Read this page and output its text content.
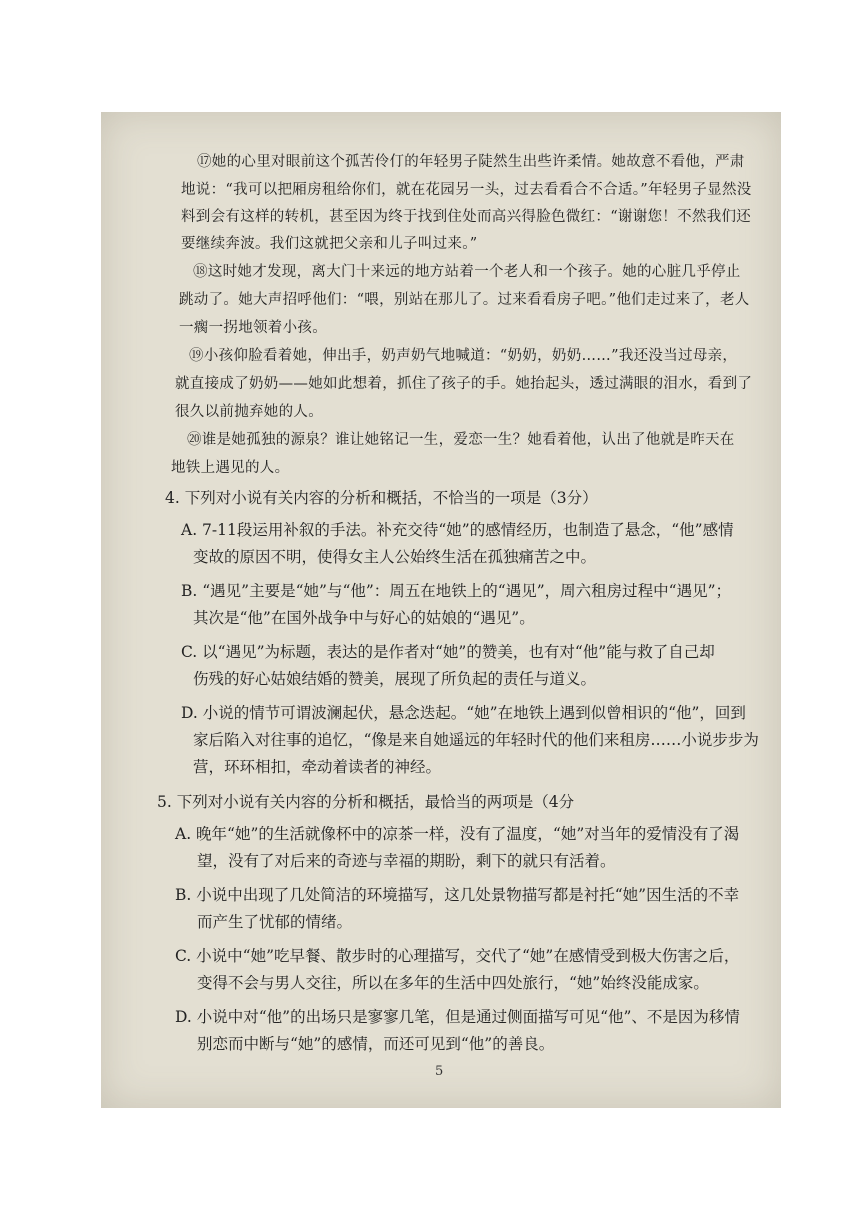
⑰她的心里对眼前这个孤苦伶仃的年轻男子陡然生出些许柔情。她故意不看他，严肃
地说：“我可以把厢房租给你们，就在花园另一头，过去看看合不合适。”年轻男子显然没
料到会有这样的转机，甚至因为终于找到住处而高兴得脸色微红：“谢谢您！不然我们还
要继续奔波。我们这就把父亲和儿子叫过来。”
⑱这时她才发现，离大门十来远的地方站着一个老人和一个孩子。她的心脏几乎停止
跳动了。她大声招呼他们：“喂，别站在那儿了。过来看看房子吧。”他们走过来了，老人
一瘸一拐地领着小孩。
⑲小孩仰脸看着她，伸出手，奶声奶气地喊道：“奶奶，奶奶……”我还没当过母亲，
就直接成了奶奶——她如此想着，抓住了孩子的手。她抬起头，透过满眼的泪水，看到了
很久以前抛弃她的人。
⑳谁是她孤独的源泉？谁让她铭记一生，爱恋一生？她看着他，认出了他就是昨天在
地铁上遇见的人。
4. 下列对小说有关内容的分析和概括，不恰当的一项是（3分）
A. 7-11段运用补叙的手法。补充交待“她”的感情经历，也制造了悬念，“他”感情
变故的原因不明，使得女主人公始终生活在孤独痛苦之中。
B. “遇见”主要是“她”与“他”：周五在地铁上的“遇见”，周六租房过程中“遇见”；
其次是“他”在国外战争中与好心的姑娘的“遇见”。
C. 以“遇见”为标题，表达的是作者对“她”的赞美，也有对“他”能与救了自己却
伤残的好心姑娘结婚的赞美，展现了所负起的责任与道义。
D. 小说的情节可谓波澜起伏，悬念迭起。“她”在地铁上遇到似曾相识的“他”，回到
家后陷入对往事的追忆，“像是来自她遥远的年轻时代的他们来租房……小说步步为
营，环环相扣，牵动着读者的神经。
5. 下列对小说有关内容的分析和概括，最恰当的两项是（4分
A. 晚年“她”的生活就像杯中的凉茶一样，没有了温度，“她”对当年的爱情没有了渴
望，没有了对后来的奇迹与幸福的期盼，剩下的就只有活着。
B. 小说中出现了几处简洁的环境描写，这几处景物描写都是衬托“她”因生活的不幸
而产生了忧郁的情绪。
C. 小说中“她”吃早餐、散步时的心理描写，交代了“她”在感情受到极大伤害之后，
变得不会与男人交往，所以在多年的生活中四处旅行，“她”始终没能成家。
D. 小说中对“他”的出场只是寥寥几笔，但是通过侧面描写可见“他”、不是因为移情
别恋而中断与“她”的感情，而还可见到“他”的善良。
5
